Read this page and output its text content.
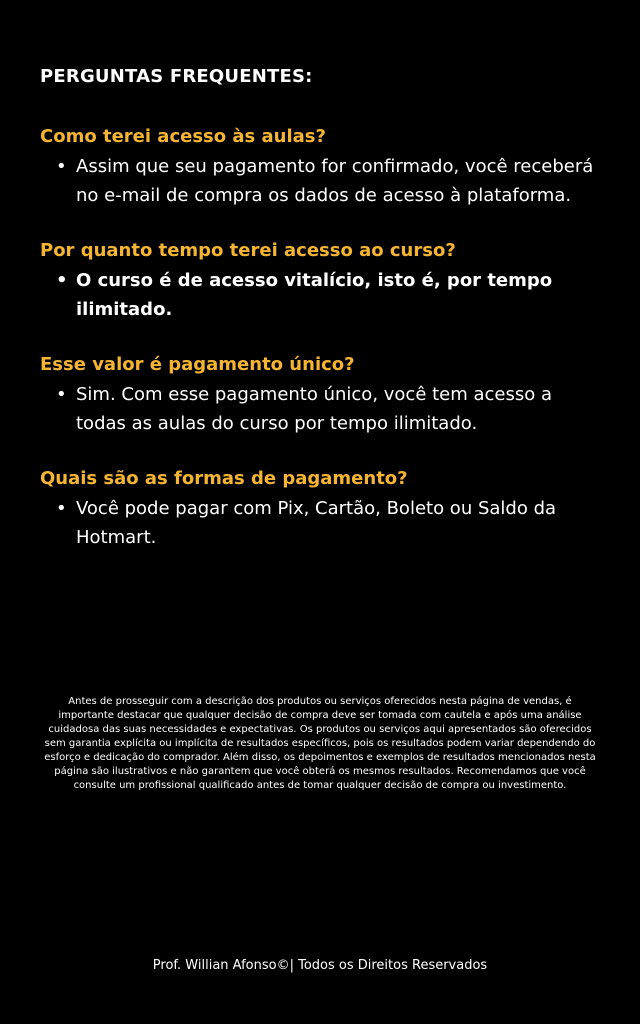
PERGUNTAS FREQUENTES:

Como terei acesso às aulas?

• Assim que seu pagamento for confirmado, você receberá no e-mail de compra os dados de acesso à plataforma.

Por quanto tempo terei acesso ao curso?

• O curso é de acesso vitalício, isto é, por tempo ilimitado.

Esse valor é pagamento único?

• Sim. Com esse pagamento único, você tem acesso a todas as aulas do curso por tempo ilimitado.

Quais são as formas de pagamento?

• Você pode pagar com Pix, Cartão, Boleto ou Saldo da Hotmart.

Antes de prosseguir com a descrição dos produtos ou serviços oferecidos nesta página de vendas, é importante destacar que qualquer decisão de compra deve ser tomada com cautela e após uma análise cuidadosa das suas necessidades e expectativas. Os produtos ou serviços aqui apresentados são oferecidos sem garantia explícita ou implícita de resultados específicos, pois os resultados podem variar dependendo do esforço e dedicação do comprador. Além disso, os depoimentos e exemplos de resultados mencionados nesta página são ilustrativos e não garantem que você obterá os mesmos resultados. Recomendamos que você consulte um profissional qualificado antes de tomar qualquer decisão de compra ou investimento.

Prof. Willian Afonso©| Todos os Direitos Reservados
